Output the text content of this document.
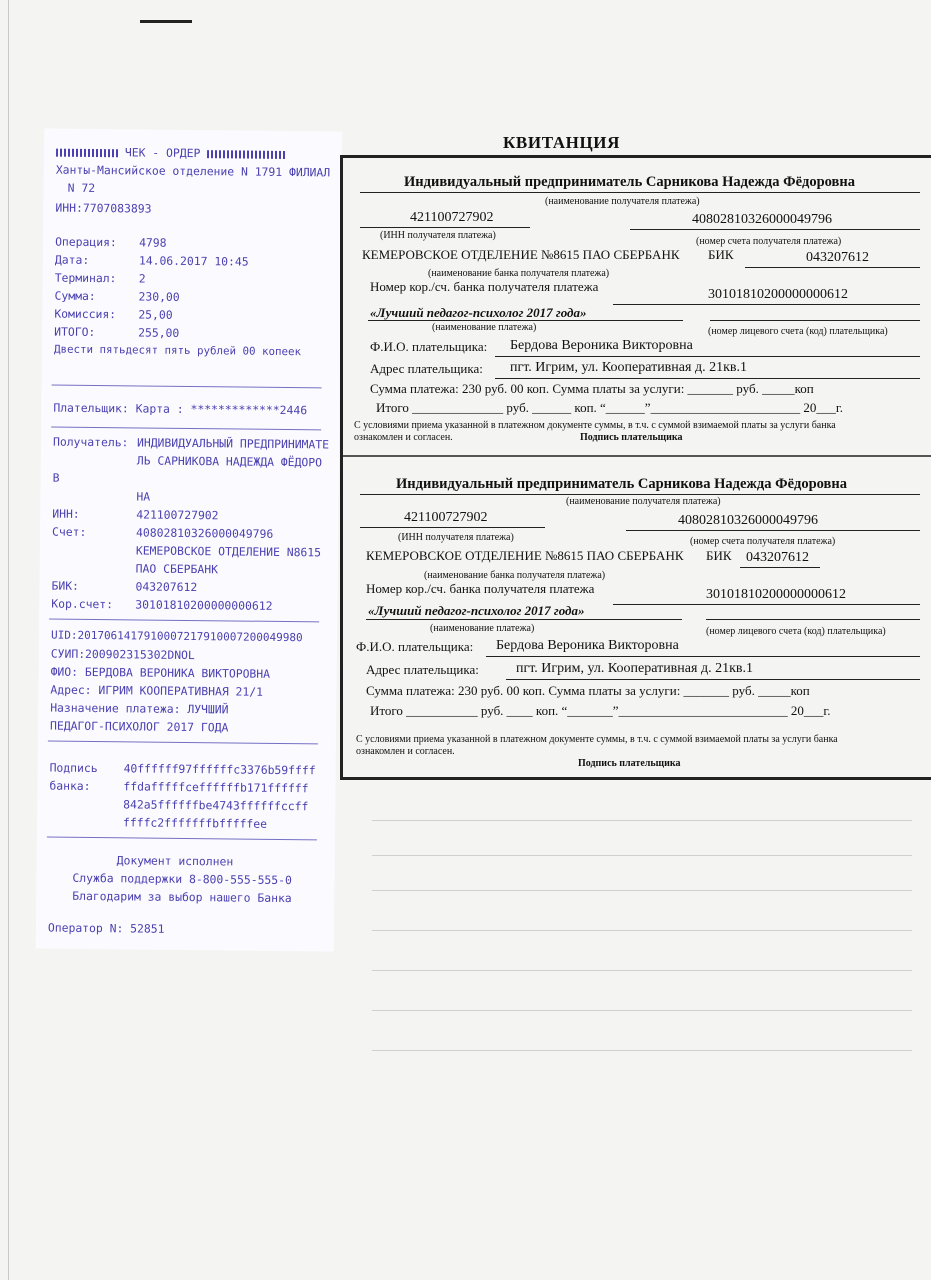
ЧЕК - ОРДЕР
Ханты-Мансийское отделение N 1791 ФИЛИАЛ
N 72
ИНН:7707083893
Операция: 4798
Дата:	14.06.2017 10:45
Терминал: 2
Сумма:	230,00
Комиссия: 25,00
ИТОГО:	255,00
Двести пятьдесят пять рублей 00 копеек
Плательщик: Карта : *************2446
Получатель: ИНДИВИДУАЛЬНЫЙ ПРЕДПРИНИМАТЕ
ЛЬ САРНИКОВА НАДЕЖДА ФЁДОРО
В
НА
ИНН:	421100727902
Счет:	40802810326000049796
КЕМЕРОВСКОЕ ОТДЕЛЕНИЕ N8615
ПАО СБЕРБАНК
БИК:	043207612
Кор.счет: 30101810200000000612
UID:2017061417910007217910007200049980
СУИП:200902315302DNOL
ФИО: БЕРДОВА ВЕРОНИКА ВИКТОРОВНА
Адрес: ИГРИМ КООПЕРАТИВНАЯ 21/1
Назначение платежа: ЛУЧШИЙ
ПЕДАГОГ-ПСИХОЛОГ 2017 ГОДА
Подпись
банка:
40ffffff97ffffffc3376b59ffff
ffdafffffceffffffb171ffffff
842a5ffffffbe4743ffffffccff
ffffc2fffffffbfffffee
Документ исполнен
Служба поддержки 8-800-555-555-0
Благодарим за выбор нашего Банка
Оператор N: 52851
КВИТАНЦИЯ
Индивидуальный предприниматель Сарникова Надежда Фёдоровна
(наименование получателя платежа)
421100727902	40802810326000049796
(ИНН получателя платежа)
(номер счета получателя платежа)
КЕМЕРОВСКОЕ ОТДЕЛЕНИЕ №8615 ПАО СБЕРБАНК БИК	043207612
(наименование банка получателя платежа)
Номер кор./сч. банка получателя платежа
30101810200000000612
«Лучший педагог-психолог 2017 года»
(наименование платежа)	(номер лицевого счета (код) плательщика)
Ф.И.О. плательщика: Бердова Вероника Викторовна
Адрес плательщика: пгт. Игрим, ул. Кооперативная д. 21кв.1
Сумма платежа: 230 руб. 00 коп. Сумма платы за услуги: _______ руб. _____коп
Итого ______________ руб. ______ коп. “______”_______________________ 20___г.
С условиями приема указанной в платежном документе суммы, в т.ч. с суммой взимаемой платы за услуги банка
ознакомлен и согласен.	Подпись плательщика
Индивидуальный предприниматель Сарникова Надежда Фёдоровна
(наименование получателя платежа)
421100727902	40802810326000049796
(ИНН получателя платежа)	(номер счета получателя платежа)
КЕМЕРОВСКОЕ ОТДЕЛЕНИЕ №8615 ПАО СБЕРБАНК БИК 043207612
(наименование банка получателя платежа)
Номер кор./сч. банка получателя платежа	30101810200000000612
«Лучший педагог-психолог 2017 года»
(наименование платежа)	(номер лицевого счета (код) плательщика)
Ф.И.О. плательщика: Бердова Вероника Викторовна
Адрес плательщика:	пгт. Игрим, ул. Кооперативная д. 21кв.1
Сумма платежа: 230 руб. 00 коп. Сумма платы за услуги: _______ руб. _____коп
Итого ___________ руб. ____ коп. “_______”__________________________ 20___г.
С условиями приема указанной в платежном документе суммы, в т.ч. с суммой взимаемой платы за услуги банка
ознакомлен и согласен.
Подпись плательщика
